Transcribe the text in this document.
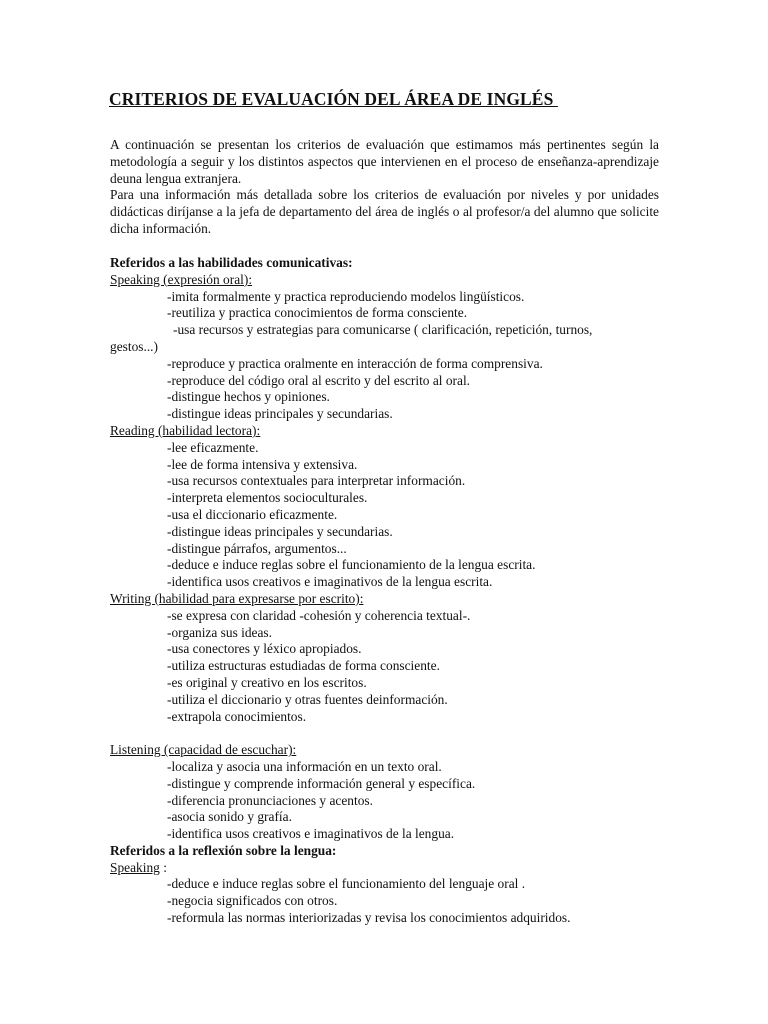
CRITERIOS DE EVALUACIÓN DEL ÁREA DE INGLÉS

A continuación se presentan los criterios de evaluación que estimamos más pertinentes según la metodología a seguir y los distintos aspectos que intervienen en el proceso de enseñanza-aprendizaje deuna lengua extranjera.

Para una información más detallada sobre los criterios de evaluación por niveles y por unidades didácticas diríjanse a la jefa de departamento del área de inglés o al profesor/a del alumno que solicite dicha información.

Referidos a las habilidades comunicativas:
Speaking (expresión oral):
-imita formalmente y practica reproduciendo modelos lingüísticos.
-reutiliza y practica conocimientos de forma consciente.
-usa recursos y estrategias para comunicarse ( clarificación, repetición, turnos,
gestos...)
-reproduce y practica oralmente en interacción de forma comprensiva.
-reproduce del código oral al escrito y del escrito al oral.
-distingue hechos y opiniones.
-distingue ideas principales y secundarias.
Reading (habilidad lectora):
-lee eficazmente.
-lee de forma intensiva y extensiva.
-usa recursos contextuales para interpretar información.
-interpreta elementos socioculturales.
-usa el diccionario eficazmente.
-distingue ideas principales y secundarias.
-distingue párrafos, argumentos...
-deduce e induce reglas sobre el funcionamiento de la lengua escrita.
-identifica usos creativos e imaginativos de la lengua escrita.
Writing (habilidad para expresarse por escrito):
-se expresa con claridad -cohesión y coherencia textual-.
-organiza sus ideas.
-usa conectores y léxico apropiados.
-utiliza estructuras estudiadas de forma consciente.
-es original y creativo en los escritos.
-utiliza el diccionario y otras fuentes deinformación.
-extrapola conocimientos.
Listening (capacidad de escuchar):
-localiza y asocia una información en un texto oral.
-distingue y comprende información general y específica.
-diferencia pronunciaciones y acentos.
-asocia sonido y grafía.
-identifica usos creativos e imaginativos de la lengua.
Referidos a la reflexión sobre la lengua:
Speaking :
-deduce e induce reglas sobre el funcionamiento del lenguaje oral .
-negocia significados con otros.
-reformula las normas interiorizadas y revisa los conocimientos adquiridos.
